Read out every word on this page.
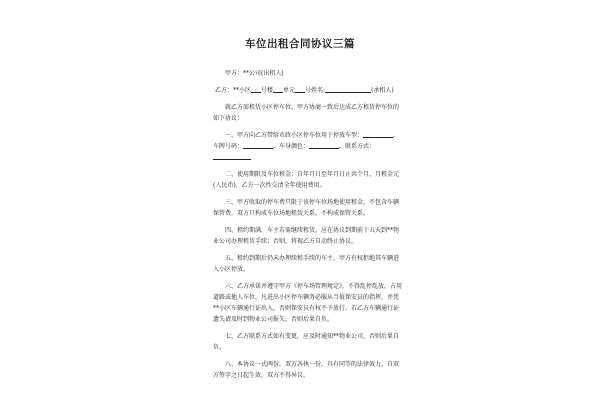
车位出租合同协议三篇

甲方：**公司(出租人)

乙方：**小区 号楼 单元 号姓名:	(承租人)

就乙方需租赁小区停车位，甲方协商一致后达成乙方租赁停车位的如下协议：

一、甲方向乙方带给市政小区停车位用于停放车型：	，车牌号码：	，车身颜色：	，联系方式：

二、使用期限及车位租金：自年月日至年月日止共个月，月租金元(人民币)，乙方一次性交清全年使用费用。

三、甲方收取的停车费只限于该停车位场地使用租金，不包含车辆保管费，双方只构成车位场地租赁关系，不构成保管关系。

四、租约期满，车主若需继续租赁，应在协议到期前十五天到**物业公司办理租赁手续；否则，将视乙方自动终止协议。

五、租约到期后仍未办理续租手续的车主，甲方有权拒绝其车辆进入小区停放。

六、乙方承诺并遵守甲方《停车场管理规定》，不得乱停乱放，占用道路或他人车位，凡进出小区停车辆务必服从当值保安员的指挥，并凭**小区车辆通行证出入，否则保安员有权不予放行。若乙方车辆通行证遗失请及时到物业公司报失，否则后果自负。

七、乙方联系方式如有变更，应及时通知**物业公司，否则后果自负。

八、本协议一式两份，双方各执一份，具有同等的法律效力，自双方签字之日起生效，双方不得异议。
